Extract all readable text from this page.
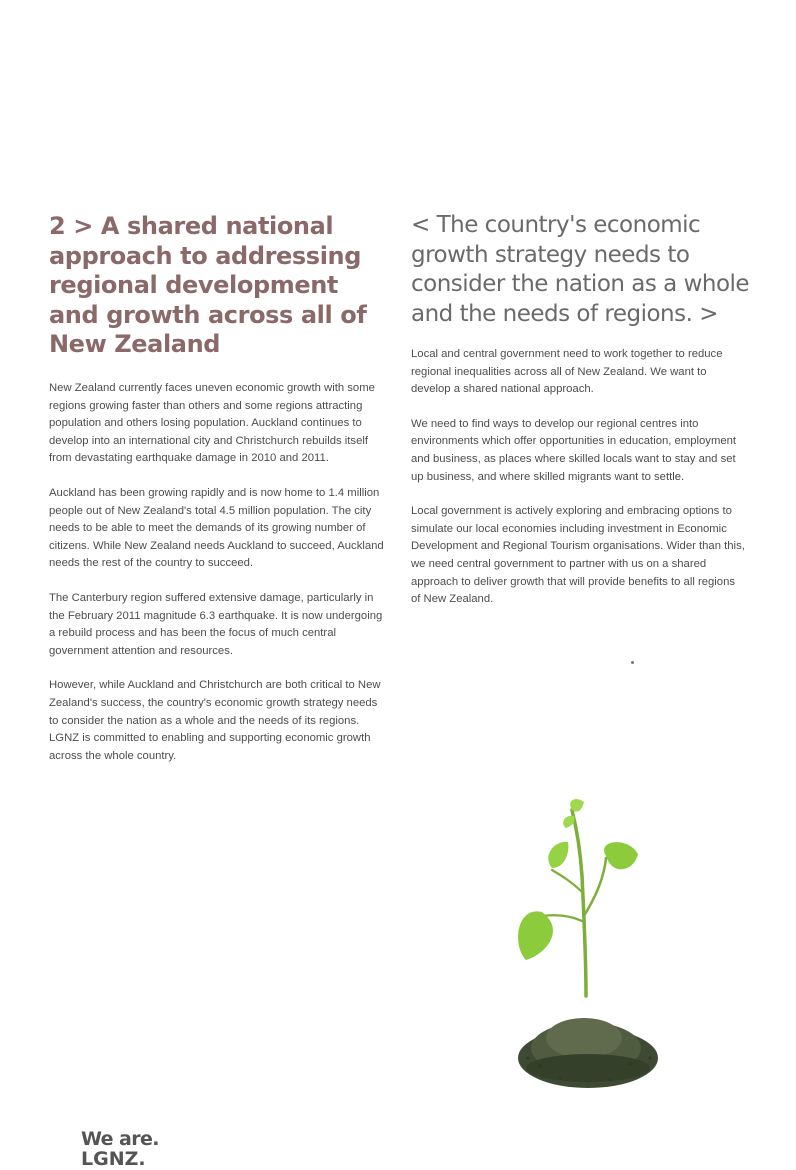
2 > A shared national approach to addressing regional development and growth across all of New Zealand

New Zealand currently faces uneven economic growth with some regions growing faster than others and some regions attracting population and others losing population. Auckland continues to develop into an international city and Christchurch rebuilds itself from devastating earthquake damage in 2010 and 2011.

Auckland has been growing rapidly and is now home to 1.4 million people out of New Zealand's total 4.5 million population. The city needs to be able to meet the demands of its growing number of citizens. While New Zealand needs Auckland to succeed, Auckland needs the rest of the country to succeed.

The Canterbury region suffered extensive damage, particularly in the February 2011 magnitude 6.3 earthquake. It is now undergoing a rebuild process and has been the focus of much central government attention and resources.

However, while Auckland and Christchurch are both critical to New Zealand's success, the country's economic growth strategy needs to consider the nation as a whole and the needs of its regions. LGNZ is committed to enabling and supporting economic growth across the whole country.

< The country's economic growth strategy needs to consider the nation as a whole and the needs of regions. >

Local and central government need to work together to reduce regional inequalities across all of New Zealand. We want to develop a shared national approach.

We need to find ways to develop our regional centres into environments which offer opportunities in education, employment and business, as places where skilled locals want to stay and set up business, and where skilled migrants want to settle.

Local government is actively exploring and embracing options to simulate our local economies including investment in Economic Development and Regional Tourism organisations. Wider than this, we need central government to partner with us on a shared approach to deliver growth that will provide benefits to all regions of New Zealand.

We are.
LGNZ.
